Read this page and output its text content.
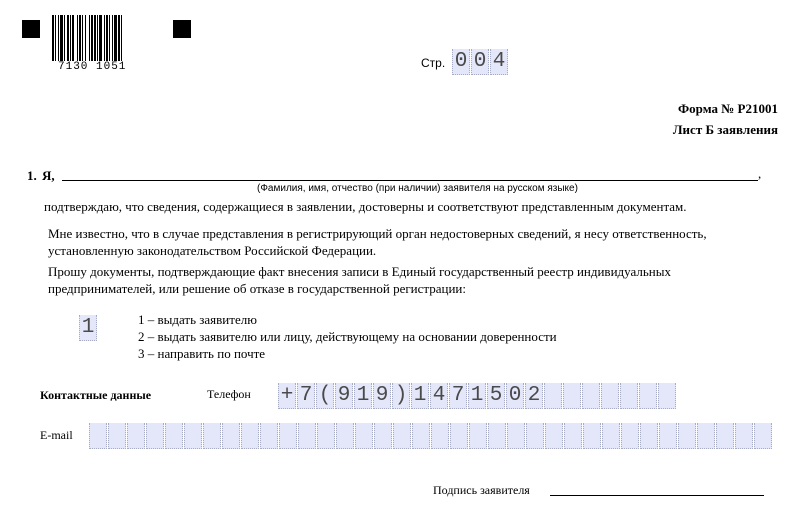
7130 1051	Стр. 0 0 4
Форма № Р21001
Лист Б заявления
1. Я,	,
(Фамилия, имя, отчество (при наличии) заявителя на русском языке)
подтверждаю, что сведения, содержащиеся в заявлении, достоверны и соответствуют представленным документам.
Мне известно, что в случае представления в регистрирующий орган недостоверных сведений, я несу ответственность,
установленную законодательством Российской Федерации.
Прошу документы, подтверждающие факт внесения записи в Единый государственный реестр индивидуальных
предпринимателей, или решение об отказе в государственной регистрации:
1	1 – выдать заявителю
2 – выдать заявителю или лицу, действующему на основании доверенности
3 – направить по почте
Контактные данные	Телефон + 7 ( 9 1 9 ) 1 4 7 1 5 0 2
E-mail
Подпись заявителя
